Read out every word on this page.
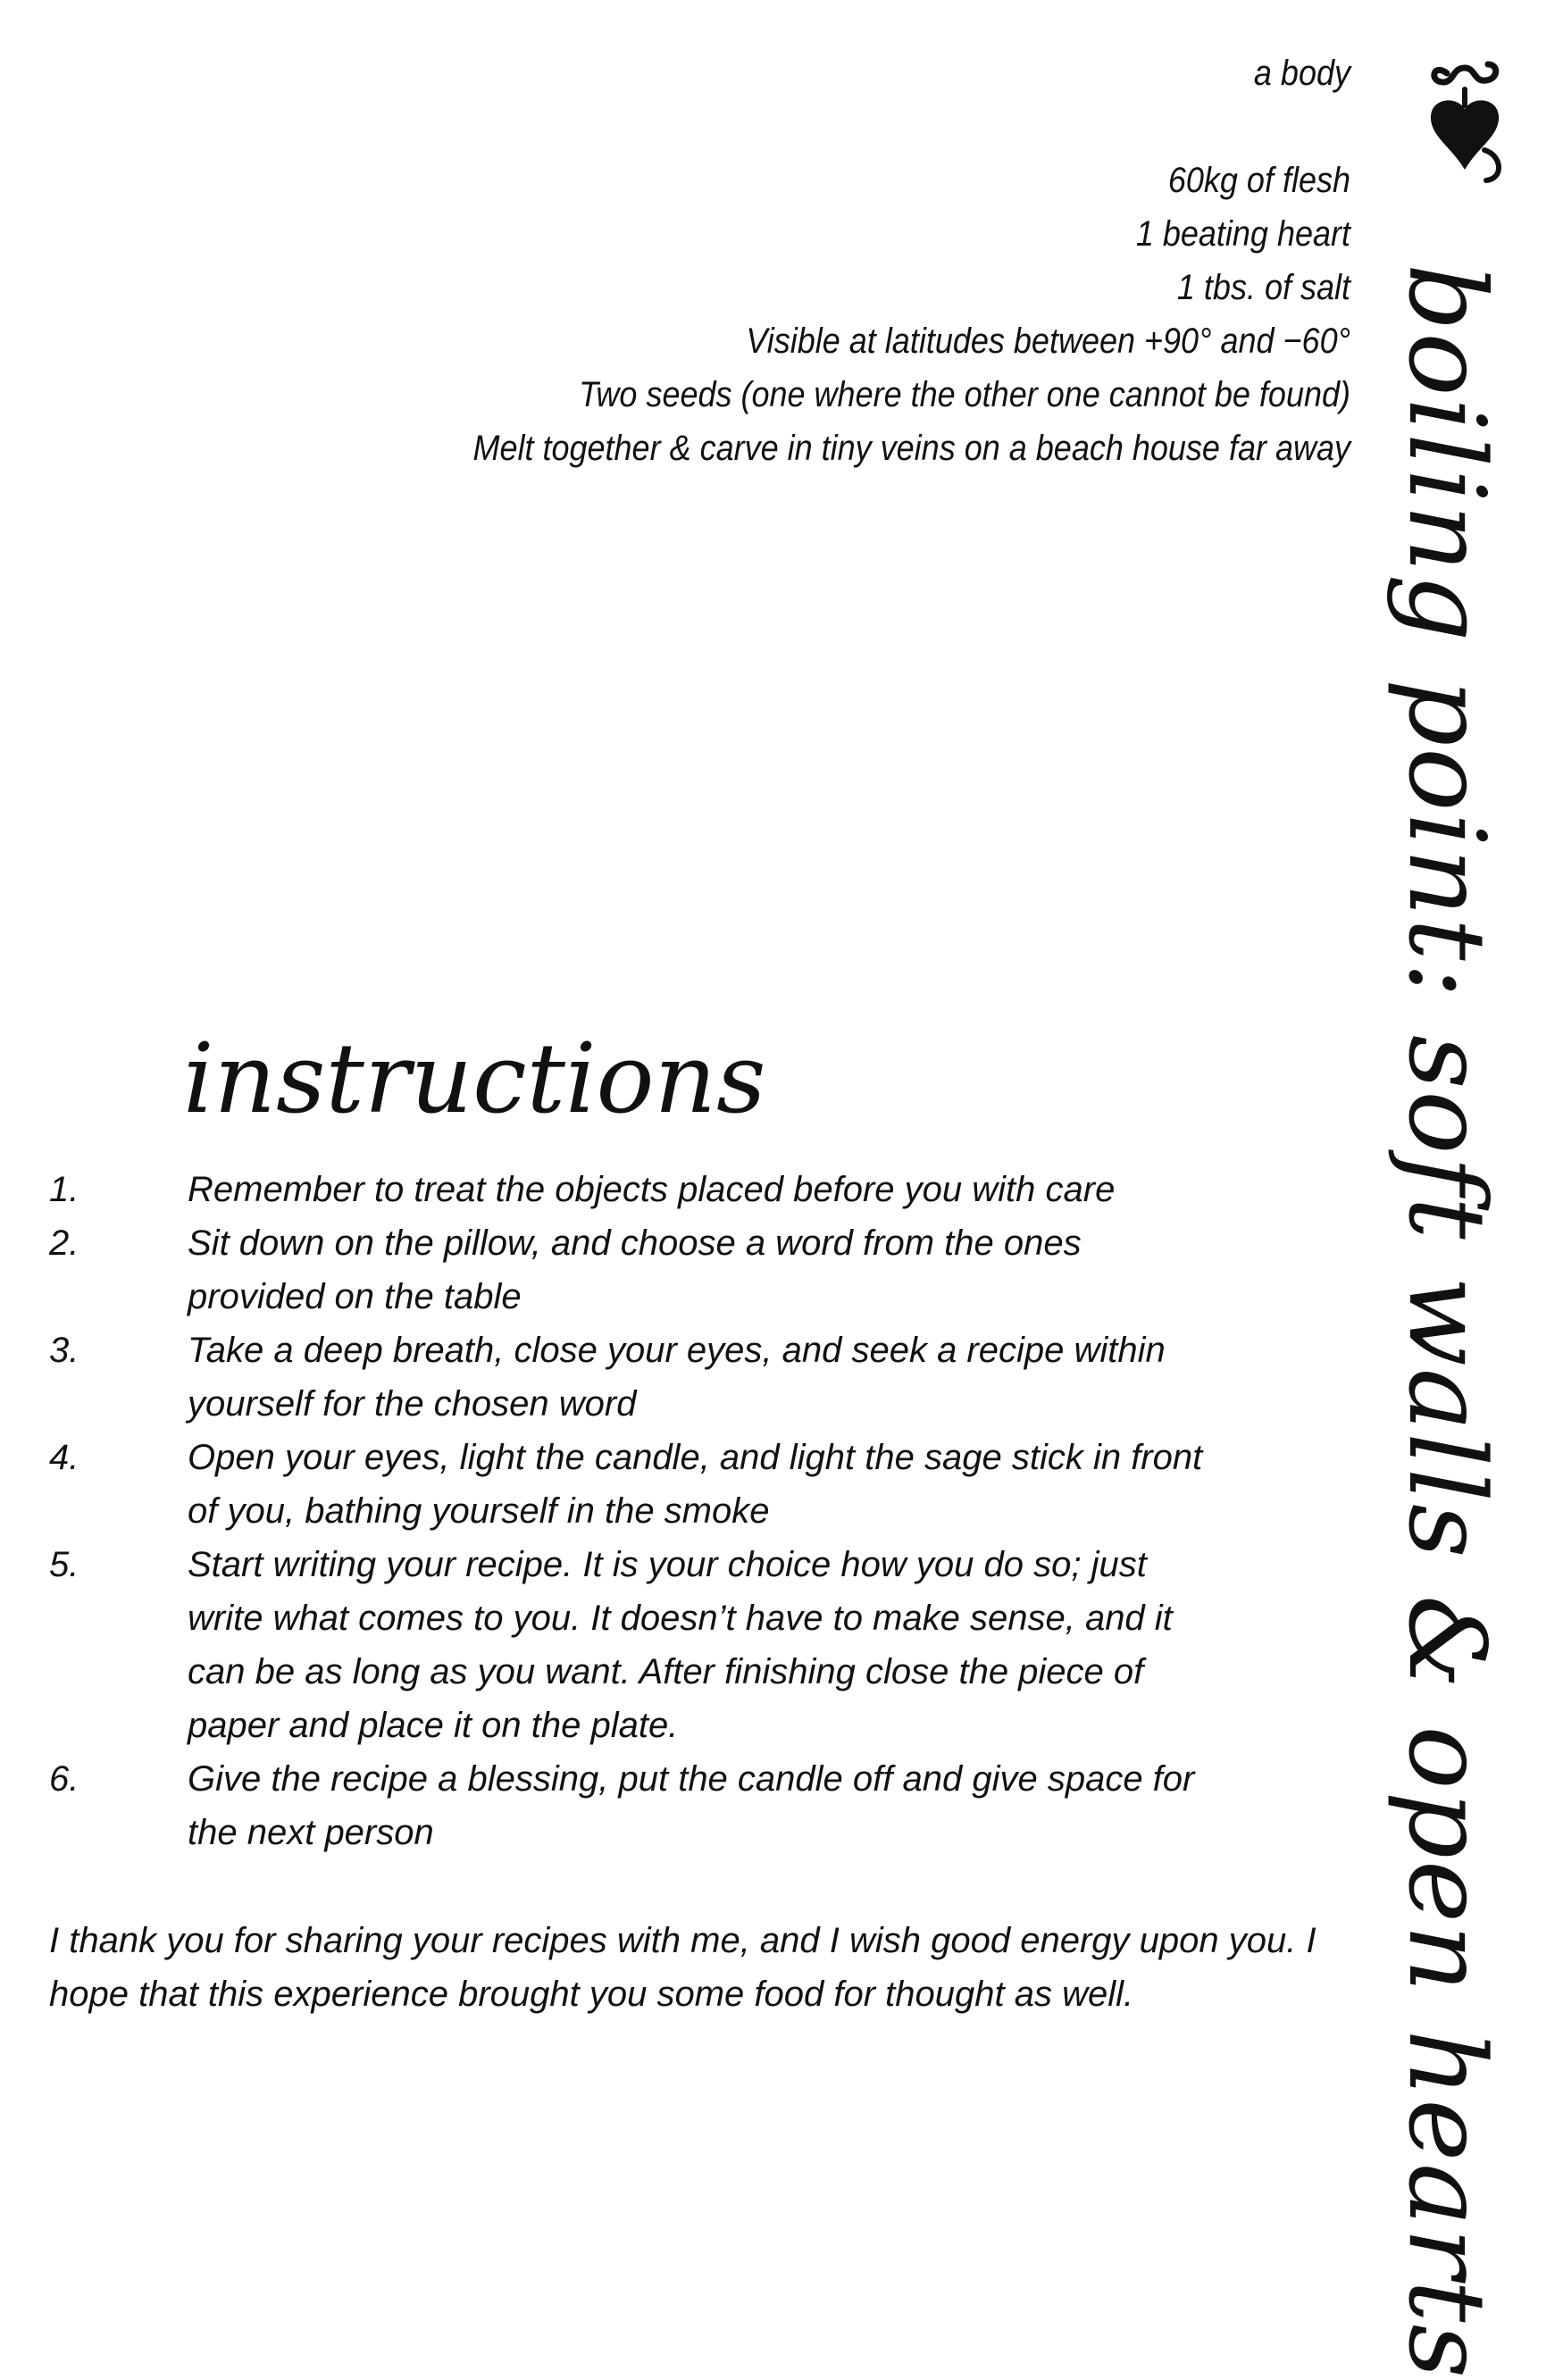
a body
60kg of flesh
1 beating heart
1 tbs. of salt
Visible at latitudes between +90° and −60°
Two seeds (one where the other one cannot be found)
Melt together & carve in tiny veins on a beach house far away boiling point: soft walls & open hearts
instructions
1.	Remember to treat the objects placed before you with care
2.	Sit down on the pillow, and choose a word from the ones provided on the table
3.	Take a deep breath, close your eyes, and seek a recipe within yourself for the chosen word
4.	Open your eyes, light the candle, and light the sage stick in front of you, bathing yourself in the smoke
5.	Start writing your recipe. It is your choice how you do so; just write what comes to you. It doesn’t have to make sense, and it can be as long as you want. After finishing close the piece of paper and place it on the plate.
6.	Give the recipe a blessing, put the candle off and give space for the next person
I thank you for sharing your recipes with me, and I wish good energy upon you. I hope that this experience brought you some food for thought as well.
